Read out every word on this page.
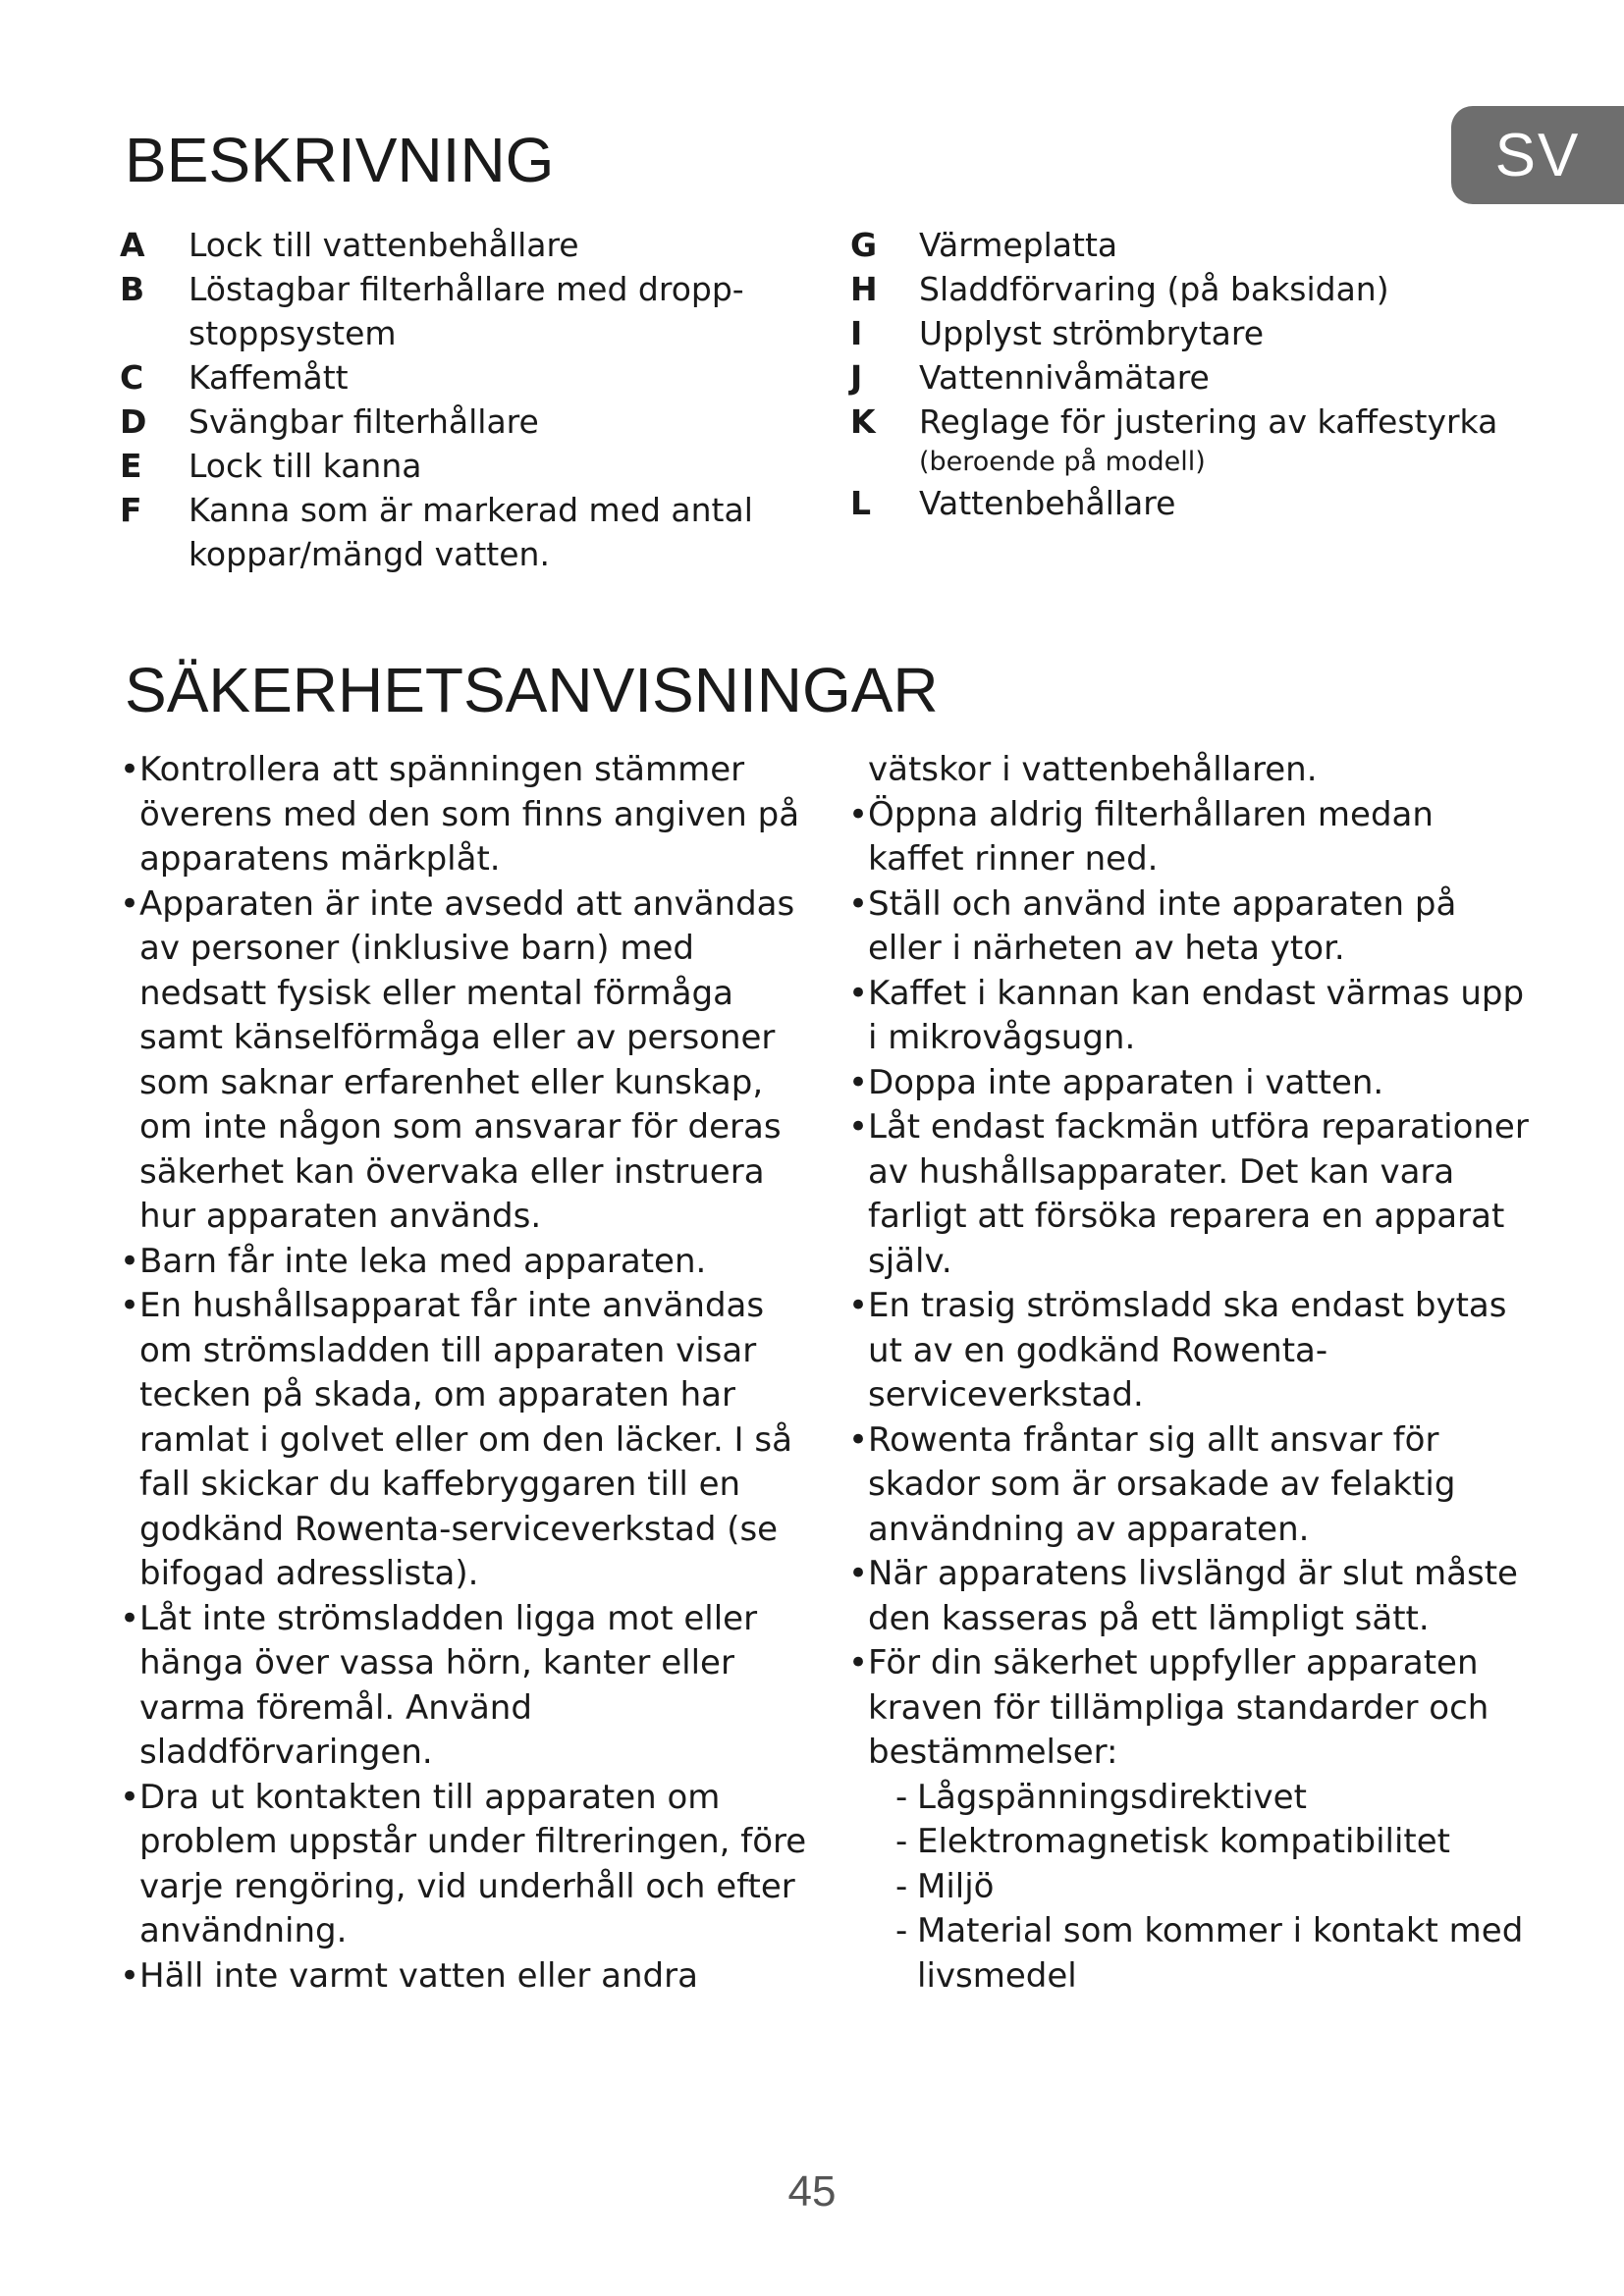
SV
BESKRIVNING
A	Lock till vattenbehållare
B	Löstagbar filterhållare med dropp-stoppsystem
C	Kaffemått
D	Svängbar filterhållare
E	Lock till kanna
F	Kanna som är markerad med antal koppar/mängd vatten.
G	Värmeplatta
H	Sladdförvaring (på baksidan)
I	Upplyst strömbrytare
J	Vattennivåmätare
K	Reglage för justering av kaffestyrka
(beroende på modell)
L	Vattenbehållare
SÄKERHETSANVISNINGAR
• Kontrollera att spänningen stämmer överens med den som finns angiven på apparatens märkplåt.
• Apparaten är inte avsedd att användas av personer (inklusive barn) med nedsatt fysisk eller mental förmåga samt känselförmåga eller av personer som saknar erfarenhet eller kunskap, om inte någon som ansvarar för deras säkerhet kan övervaka eller instruera hur apparaten används.
• Barn får inte leka med apparaten.
• En hushållsapparat får inte användas om strömsladden till apparaten visar tecken på skada, om apparaten har ramlat i golvet eller om den läcker. I så fall skickar du kaffebryggaren till en godkänd Rowenta-serviceverkstad (se bifogad adresslista).
• Låt inte strömsladden ligga mot eller hänga över vassa hörn, kanter eller varma föremål. Använd sladdförvaringen.
• Dra ut kontakten till apparaten om problem uppstår under filtreringen, före varje rengöring, vid underhåll och efter användning.
• Häll inte varmt vatten eller andra
vätskor i vattenbehållaren.
• Öppna aldrig filterhållaren medan kaffet rinner ned.
• Ställ och använd inte apparaten på eller i närheten av heta ytor.
• Kaffet i kannan kan endast värmas upp i mikrovågsugn.
• Doppa inte apparaten i vatten.
• Låt endast fackmän utföra reparationer av hushållsapparater. Det kan vara farligt att försöka reparera en apparat själv.
• En trasig strömsladd ska endast bytas ut av en godkänd Rowenta-serviceverkstad.
• Rowenta fråntar sig allt ansvar för skador som är orsakade av felaktig användning av apparaten.
• När apparatens livslängd är slut måste den kasseras på ett lämpligt sätt.
• För din säkerhet uppfyller apparaten kraven för tillämpliga standarder och bestämmelser:
- Lågspänningsdirektivet
- Elektromagnetisk kompatibilitet
- Miljö
- Material som kommer i kontakt med livsmedel
45
